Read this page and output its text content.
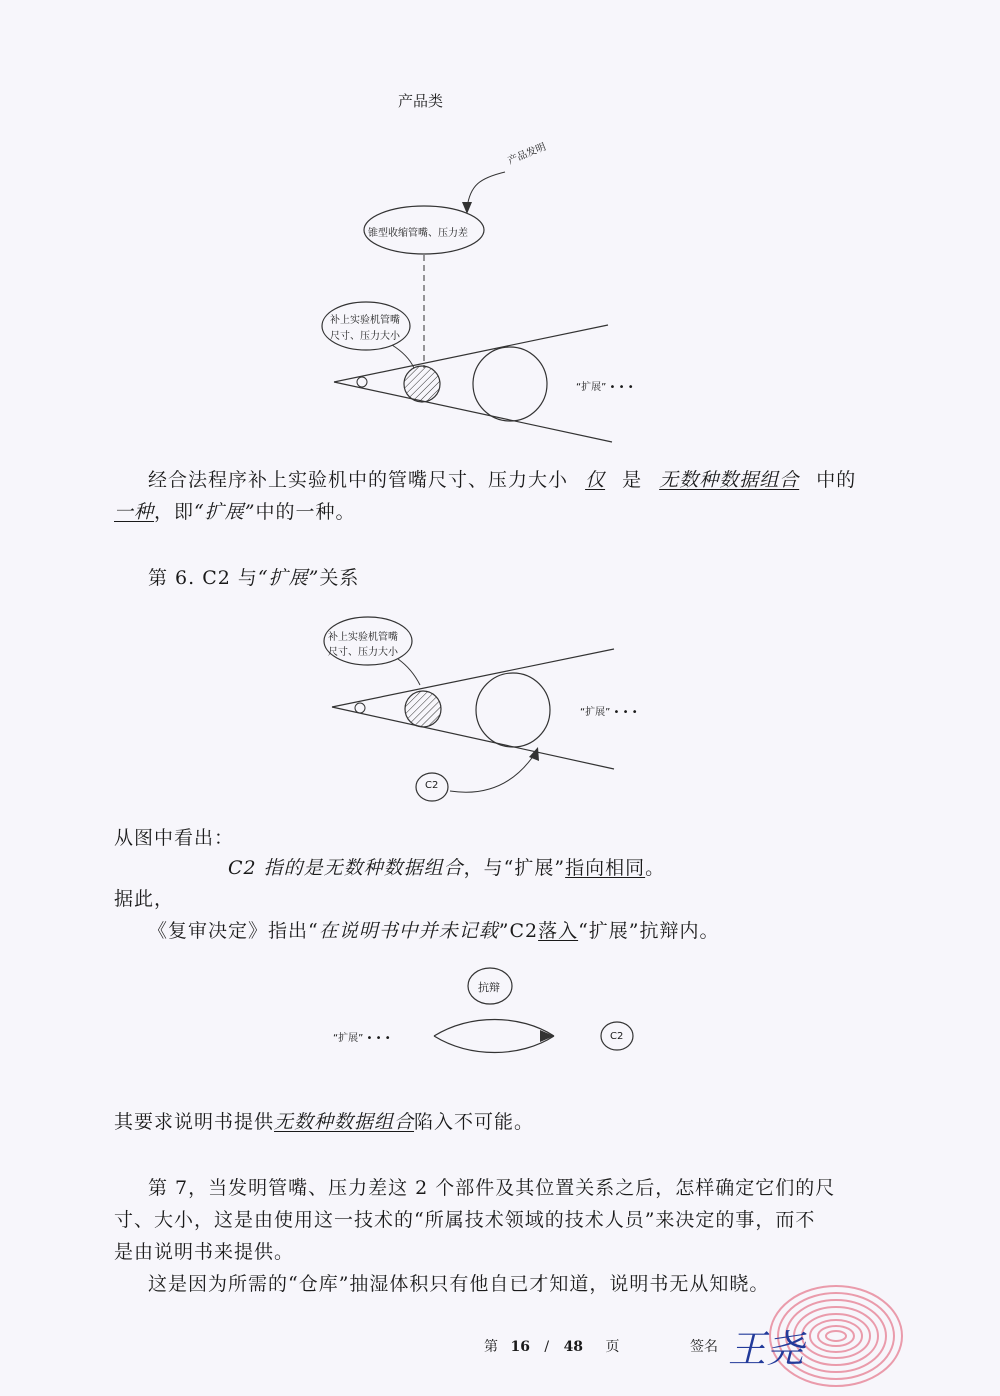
产品类
产品发明
锥型收缩管嘴、压力差
补上实验机管嘴
尺寸、压力大小
“扩展” • • •
经合法程序补上实验机中的管嘴尺寸、压力大小 仅 是 无数种数据组合 中的
一种，即“扩展”中的一种。
第 6. C2 与“扩展”关系
补上实验机管嘴
尺寸、压力大小
“扩展” • • •
C2
从图中看出：
C2 指的是无数种数据组合，与“扩展”指向相同。
据此，
《复审决定》指出“在说明书中并未记载”C2落入“扩展”抗辩内。
抗辩
“扩展” • • •	C2
其要求说明书提供无数种数据组合陷入不可能。
第 7，当发明管嘴、压力差这 2 个部件及其位置关系之后，怎样确定它们的尺
寸、大小，这是由使用这一技术的“所属技术领域的技术人员”来决定的事，而不
是由说明书来提供。
这是因为所需的“仓库”抽湿体积只有他自已才知道，说明书无从知晓。
第 16 / 48 页	签名 王尧
